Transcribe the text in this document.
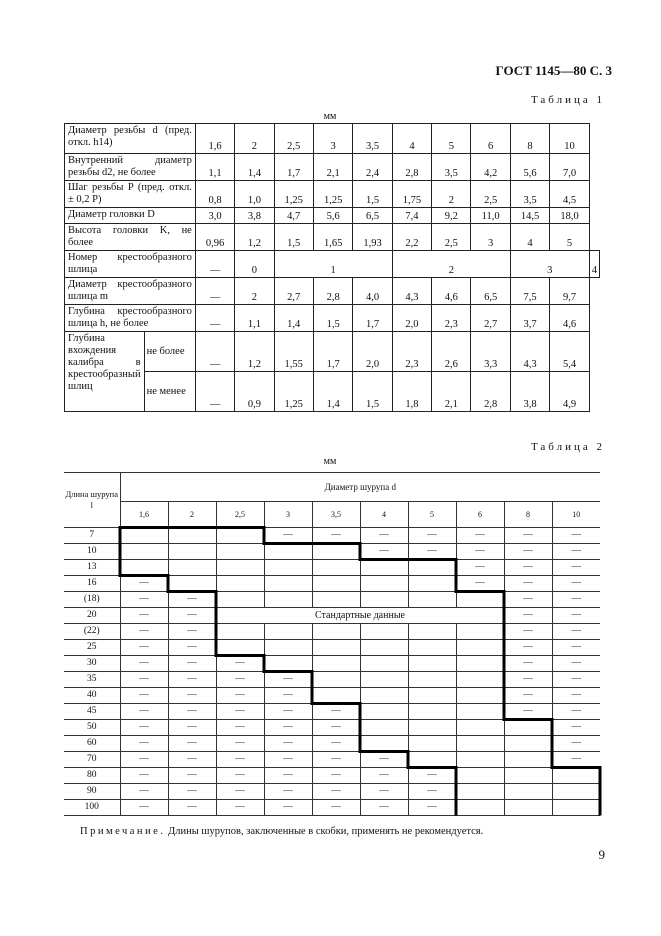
ГОСТ 1145—80 С. 3
Таблица 1
мм
Диаметр резьбы d (пред. откл. h14)		1,6	2	2,5	3	3,5	4	5	6	8	10	
Внутренний диаметр резьбы d2, не более		1,1	1,4	1,7	2,1	2,4	2,8	3,5	4,2	5,6	7,0	
Шаг резьбы P (пред. откл. ± 0,2 P)		0,8	1,0	1,25	1,25	1,5	1,75	2	2,5	3,5	4,5	
Диаметр головки D		3,0	3,8	4,7	5,6	6,5	7,4	9,2	11,0	14,5	18,0	
Высота головки K, не более		0,96	1,2	1,5	1,65	1,93	2,2	2,5	3	4	5	
Номер крестообразного шлица		—	0	1			2			3		4
Диаметр крестообразного шлица m		—	2	2,7	2,8	4,0	4,3	4,6	6,5	7,5	9,7	
Глубина крестообразного шлица h, не более		—	1,1	1,4	1,5	1,7	2,0	2,3	2,7	3,7	4,6	
Глубина вхождения калибра в крестообразный шлиц	не более	—	1,2	1,55	1,7	2,0	2,3	2,6	3,3	4,3	5,4	
	не менее	—	0,9	1,25	1,4	1,5	1,8	2,1	2,8	3,8	4,9	
Таблица 2
мм
Длина шурупа l	Диаметр шурупа d									
	1,6	2	2,5	3	3,5	4	5	6	8	10
7				—	—	—	—	—	—	—
10						—	—	—	—	—
13								—	—	—
16	—							—	—	—
(18)	—	—							—	—
20	—	—	Стандартные данные						—	—
(22)	—	—							—	—
25	—	—							—	—
30	—	—	—						—	—
35	—	—	—	—					—	—
40	—	—	—	—					—	—
45	—	—	—	—	—				—	—
50	—	—	—	—	—					—
60	—	—	—	—	—					—
70	—	—	—	—	—	—				—
80	—	—	—	—	—	—	—			
90	—	—	—	—	—	—	—			
100	—	—	—	—	—	—	—			
Примечание. Длины шурупов, заключенные в скобки, применять не рекомендуется.
9
